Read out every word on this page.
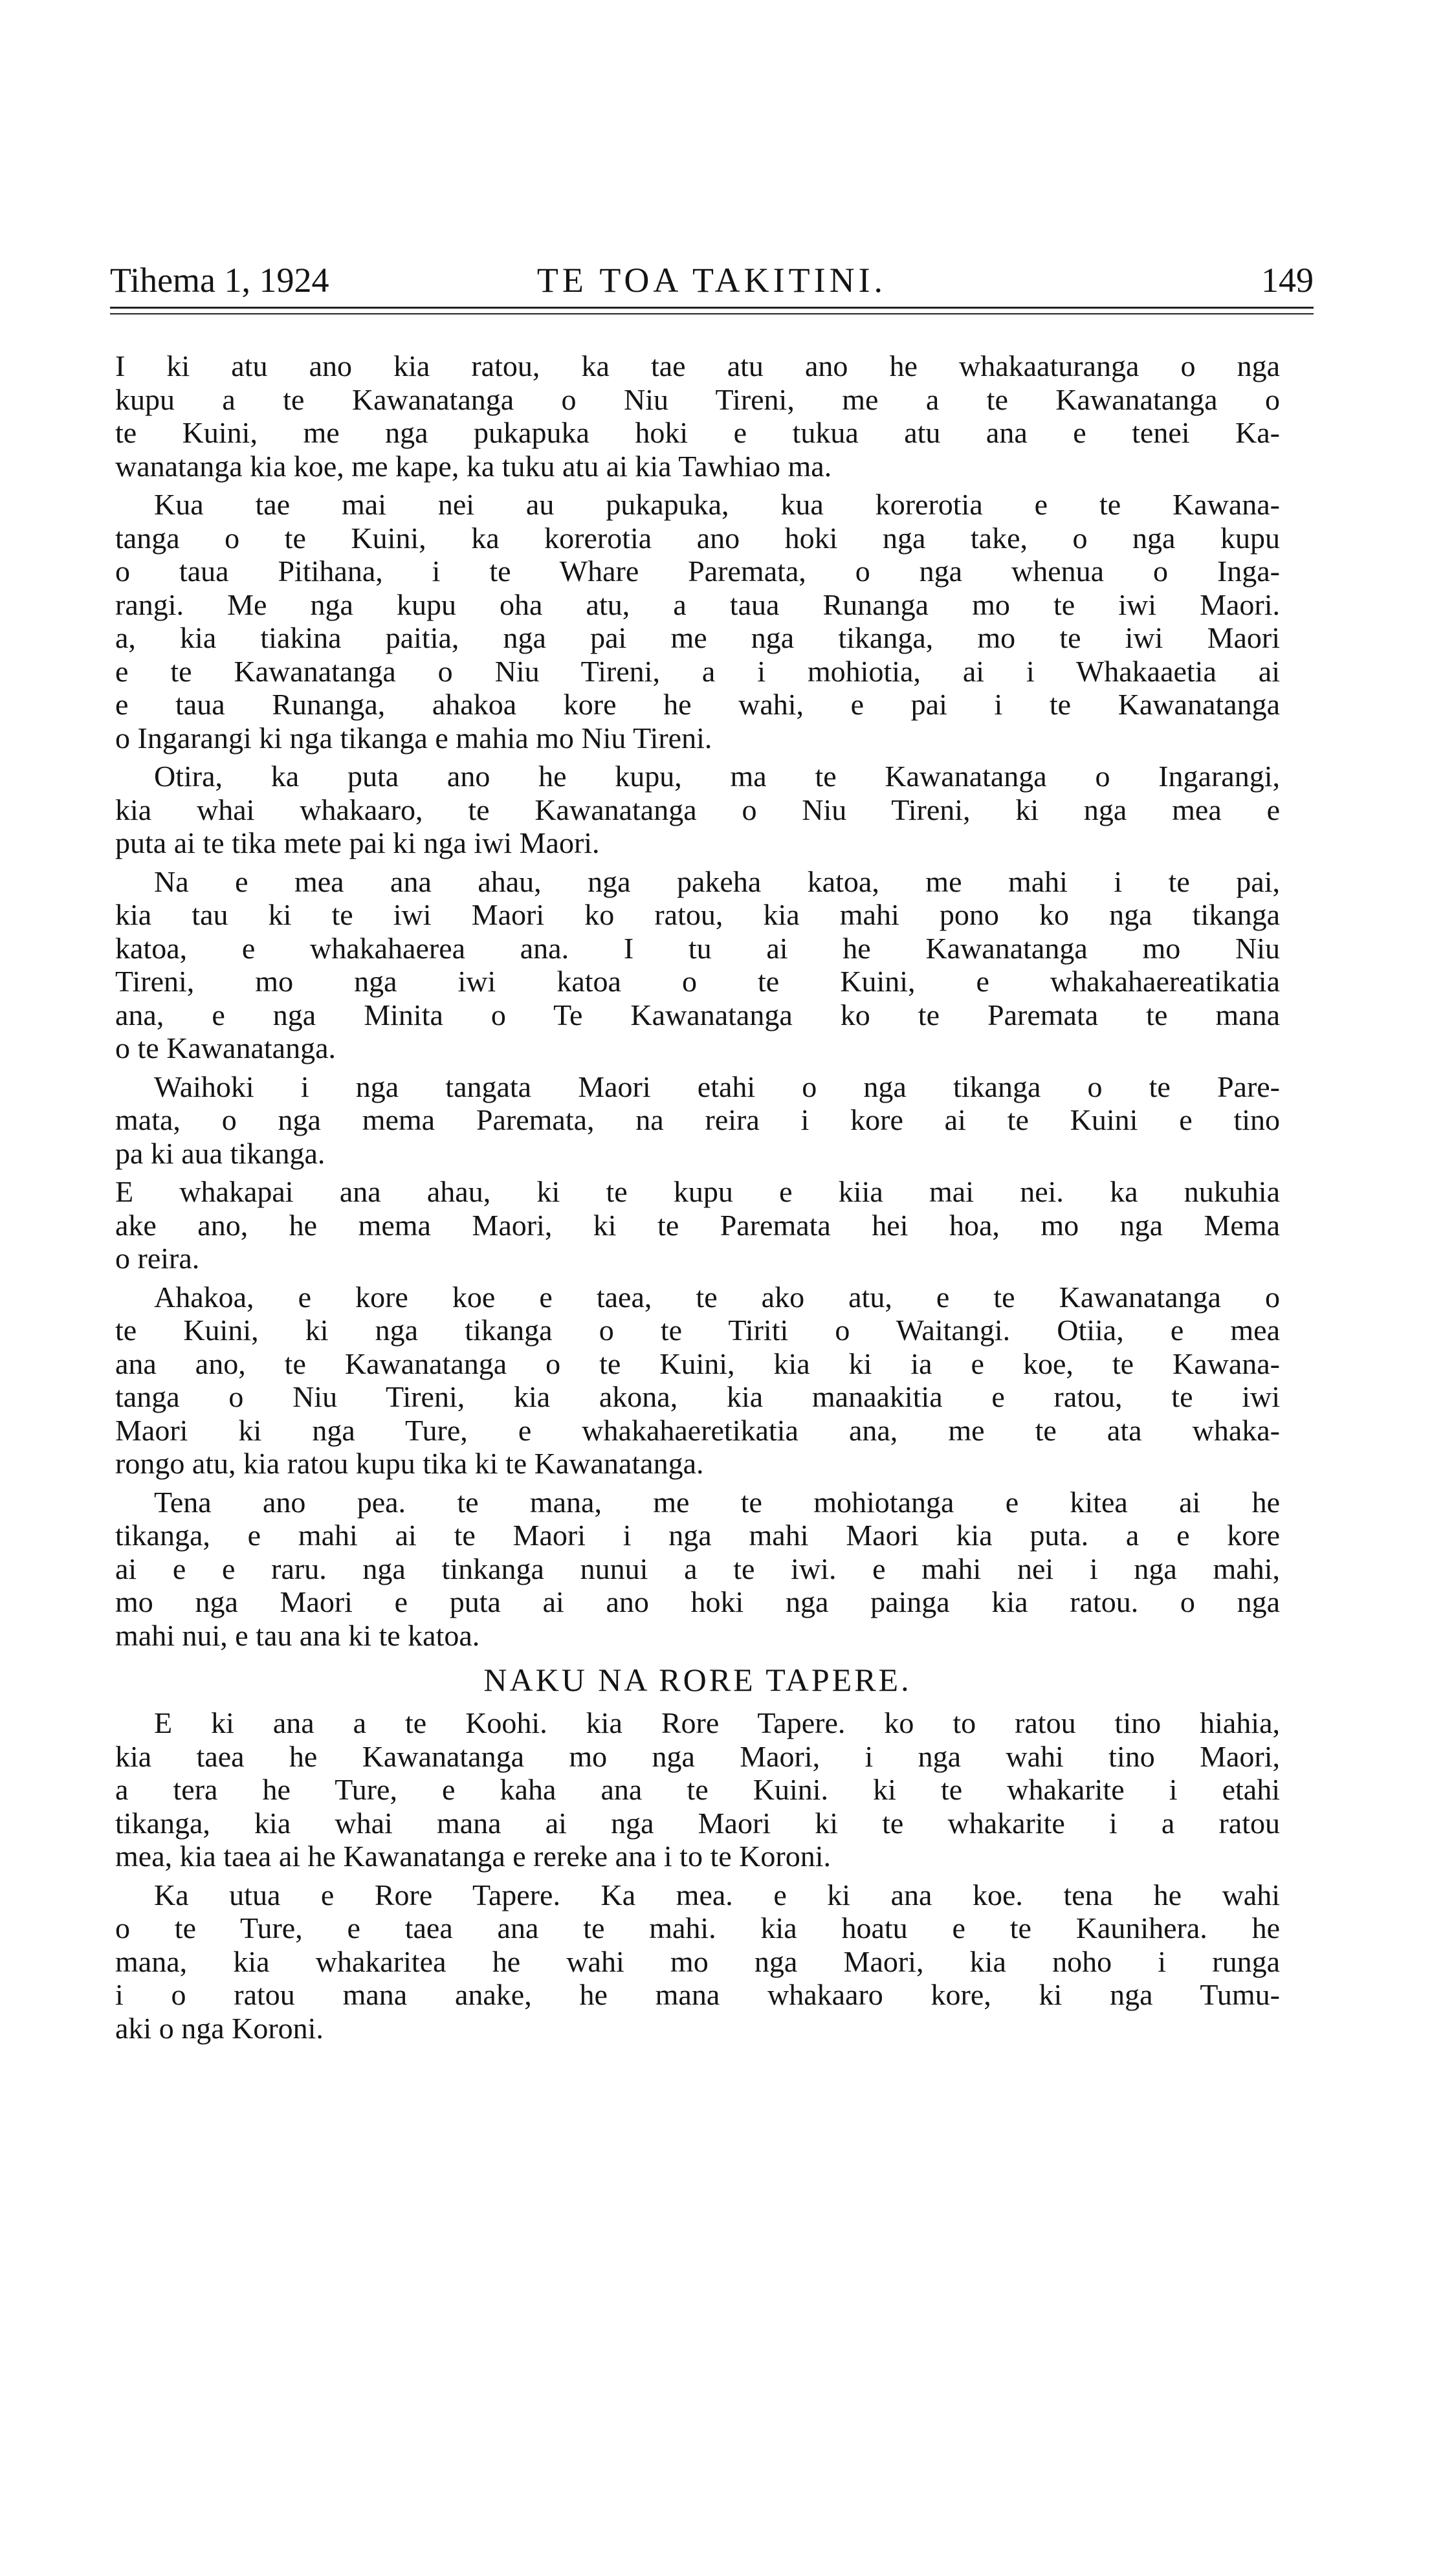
Tihema 1, 1924	TE TOA TAKITINI.	149
I ki atu ano kia ratou, ka tae atu ano he whakaaturanga o nga
kupu a te Kawanatanga o Niu Tireni, me a te Kawanatanga o
te Kuini, me nga pukapuka hoki e tukua atu ana e tenei Ka-
wanatanga kia koe, me kape, ka tuku atu ai kia Tawhiao ma.
Kua tae mai nei au pukapuka, kua korerotia e te Kawana-
tanga o te Kuini, ka korerotia ano hoki nga take, o nga kupu
o taua Pitihana, i te Whare Paremata, o nga whenua o Inga-
rangi. Me nga kupu oha atu, a taua Runanga mo te iwi Maori.
a, kia tiakina paitia, nga pai me nga tikanga, mo te iwi Maori
e te Kawanatanga o Niu Tireni, a i mohiotia, ai i Whakaaetia ai
e taua Runanga, ahakoa kore he wahi, e pai i te Kawanatanga
o Ingarangi ki nga tikanga e mahia mo Niu Tireni.
Otira, ka puta ano he kupu, ma te Kawanatanga o Ingarangi,
kia whai whakaaro, te Kawanatanga o Niu Tireni, ki nga mea e
puta ai te tika mete pai ki nga iwi Maori.
Na e mea ana ahau, nga pakeha katoa, me mahi i te pai,
kia tau ki te iwi Maori ko ratou, kia mahi pono ko nga tikanga
katoa, e whakahaerea ana. I tu ai he Kawanatanga mo Niu
Tireni, mo nga iwi katoa o te Kuini, e whakahaereatikatia
ana, e nga Minita o Te Kawanatanga ko te Paremata te mana
o te Kawanatanga.
Waihoki i nga tangata Maori etahi o nga tikanga o te Pare-
mata, o nga mema Paremata, na reira i kore ai te Kuini e tino
pa ki aua tikanga.
E whakapai ana ahau, ki te kupu e kiia mai nei. ka nukuhia
ake ano, he mema Maori, ki te Paremata hei hoa, mo nga Mema
o reira.
Ahakoa, e kore koe e taea, te ako atu, e te Kawanatanga o
te Kuini, ki nga tikanga o te Tiriti o Waitangi. Otiia, e mea
ana ano, te Kawanatanga o te Kuini, kia ki ia e koe, te Kawana-
tanga o Niu Tireni, kia akona, kia manaakitia e ratou, te iwi
Maori ki nga Ture, e whakahaeretikatia ana, me te ata whaka-
rongo atu, kia ratou kupu tika ki te Kawanatanga.
Tena ano pea. te mana, me te mohiotanga e kitea ai he
tikanga, e mahi ai te Maori i nga mahi Maori kia puta. a e kore
ai e e raru. nga tinkanga nunui a te iwi. e mahi nei i nga mahi,
mo nga Maori e puta ai ano hoki nga painga kia ratou. o nga
mahi nui, e tau ana ki te katoa.
NAKU NA RORE TAPERE.
E ki ana a te Koohi. kia Rore Tapere. ko to ratou tino hiahia,
kia taea he Kawanatanga mo nga Maori, i nga wahi tino Maori,
a tera he Ture, e kaha ana te Kuini. ki te whakarite i etahi
tikanga, kia whai mana ai nga Maori ki te whakarite i a ratou
mea, kia taea ai he Kawanatanga e rereke ana i to te Koroni.
Ka utua e Rore Tapere. Ka mea. e ki ana koe. tena he wahi
o te Ture, e taea ana te mahi. kia hoatu e te Kaunihera. he
mana, kia whakaritea he wahi mo nga Maori, kia noho i runga
i o ratou mana anake, he mana whakaaro kore, ki nga Tumu-
aki o nga Koroni.
